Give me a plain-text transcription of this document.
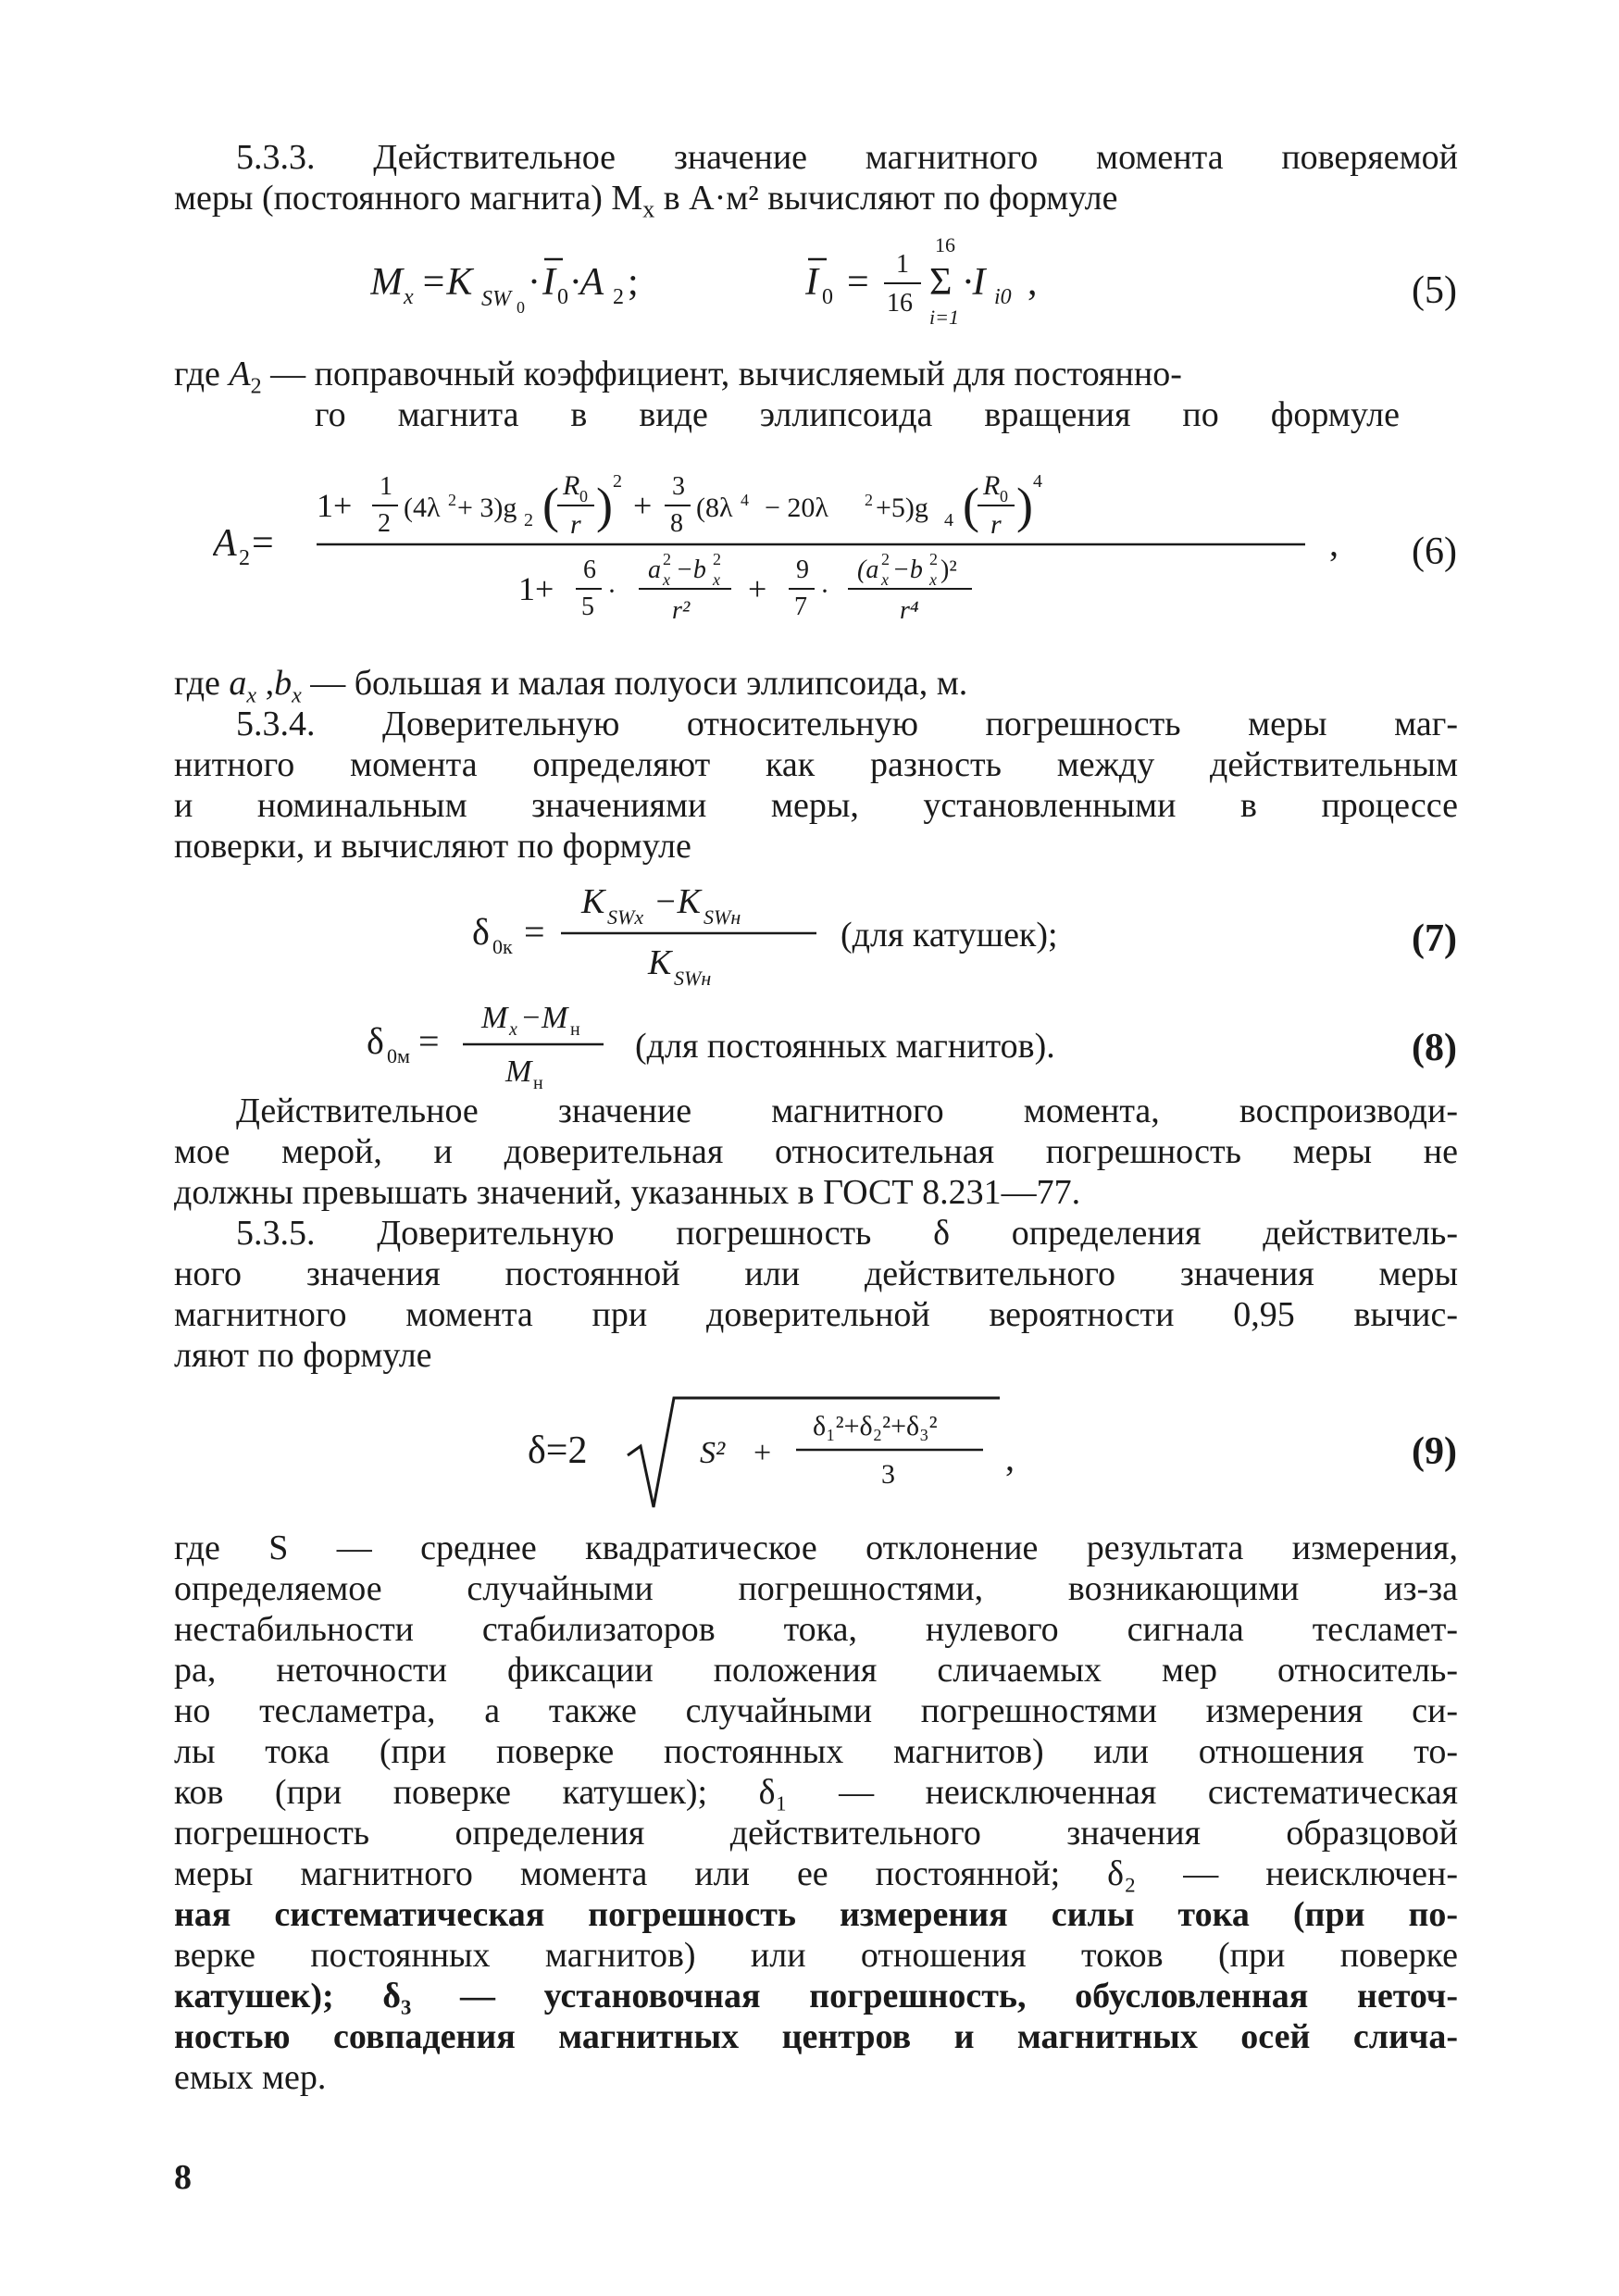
5.3.3. Действительное значение магнитного момента поверяемой
меры (постоянного магнита) $M_x$ в А·м² вычисляют по формуле
M x =K SW 0
· I 0 ·A 2 ;	I 0 = 1
16
16
Σ
i=1
·I i0 ,	(5)
где $A_2$ — поправочный коэффициент, вычисляемый для постоянно-
го магнита в виде эллипсоида вращения по формуле
A 2 =
1+
1
2
(4λ 2 + 3)g 2 ( R 0
r ) 2
+
3
8
(8λ 4 − 20λ 2 +5)g 4 ( R 0
r ) 4
1+
6
5
·
a x
2 −b x
2
r²
+
9
7
·
(a x
2 −b x
2 )²
r⁴
, (6)
где $a_x$ $,b_x$ — большая и малая полуоси эллипсоида, м.
5.3.4. Доверительную относительную погрешность меры маг-
нитного момента определяют как разность между действительным
и номинальным значениями меры, установленными в процессе
поверки, и вычисляют по формуле
δ 0к =
K SWx −K SWн
K SWн
(для катушек);	(7)
δ 0м =
M x −M н
M н
(для постоянных магнитов).	(8)
Действительное значение магнитного момента, воспроизводи-
мое мерой, и доверительная относительная погрешность меры не
должны превышать значений, указанных в ГОСТ 8.231—77.
5.3.5. Доверительную погрешность δ определения действитель-
ного значения постоянной или действительного значения меры
магнитного момента при доверительной вероятности 0,95 вычис-
ляют по формуле
δ=2	S² +
δ₁²+δ₂²+δ₃²
3	,	(9)
где S — среднее квадратическое отклонение результата измерения,
определяемое случайными погрешностями, возникающими из-за
нестабильности стабилизаторов тока, нулевого сигнала тесламет-
ра, неточности фиксации положения сличаемых мер относитель-
но тесламетра, а также случайными погрешностями измерения си-
лы тока (при поверке постоянных магнитов) или отношения то-
ков (при поверке катушек); δ₁ — неисключенная систематическая
погрешность определения действительного значения образцовой
меры магнитного момента или ее постоянной; δ₂ — неисключен-
ная систематическая погрешность измерения силы тока (при по-
верке постоянных магнитов) или отношения токов (при поверке
катушек); δ₃ — установочная погрешность, обусловленная неточ-
ностью совпадения магнитных центров и магнитных осей слича-
емых мер.
8
